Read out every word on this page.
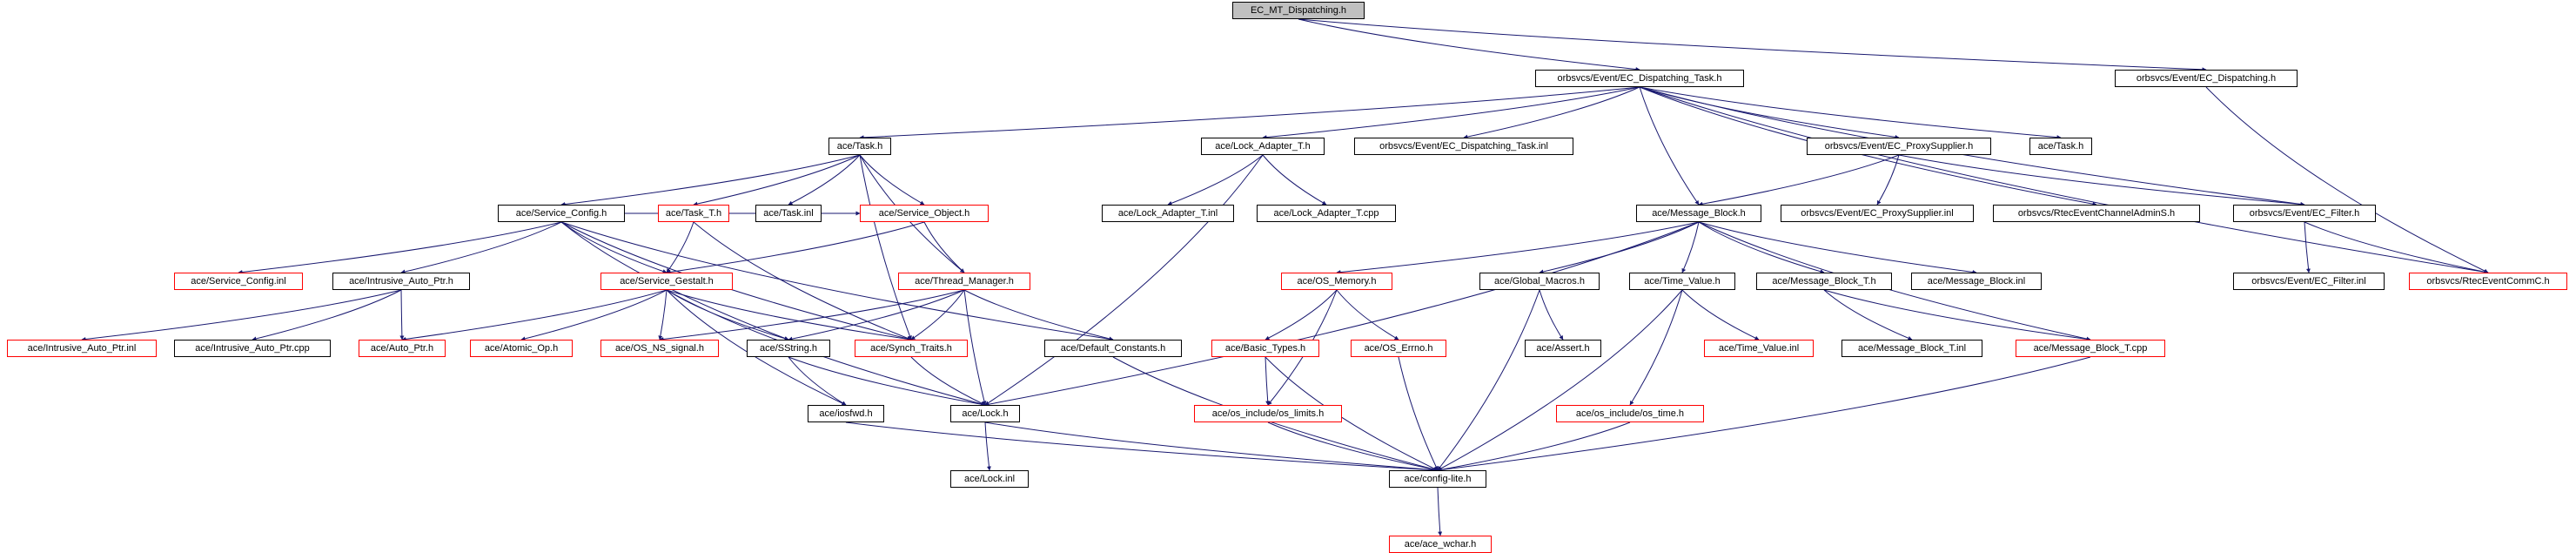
EC_MT_Dispatching.h
orbsvcs/Event/EC_Dispatching_Task.h	orbsvcs/Event/EC_Dispatching.h
ace/Task.h	ace/Lock_Adapter_T.h	orbsvcs/Event/EC_Dispatching_Task.inl	orbsvcs/Event/EC_ProxySupplier.h	ace/Task.h
ace/Service_Config.h	ace/Task_T.h	ace/Task.inl	ace/Service_Object.h	ace/Lock_Adapter_T.inl	ace/Lock_Adapter_T.cpp	ace/Message_Block.h	orbsvcs/Event/EC_ProxySupplier.inl	orbsvcs/RtecEventChannelAdminS.h	orbsvcs/Event/EC_Filter.h
ace/Service_Config.inl	ace/Intrusive_Auto_Ptr.h	ace/Service_Gestalt.h	ace/Thread_Manager.h	ace/OS_Memory.h	ace/Global_Macros.h	ace/Time_Value.h	ace/Message_Block_T.h	ace/Message_Block.inl	orbsvcs/Event/EC_Filter.inl	orbsvcs/RtecEventCommC.h
ace/Intrusive_Auto_Ptr.inl	ace/Intrusive_Auto_Ptr.cpp	ace/Auto_Ptr.h	ace/Atomic_Op.h	ace/OS_NS_signal.h	ace/SString.h	ace/Synch_Traits.h	ace/Default_Constants.h	ace/Basic_Types.h	ace/OS_Errno.h	ace/Assert.h	ace/Time_Value.inl	ace/Message_Block_T.inl	ace/Message_Block_T.cpp
ace/iosfwd.h	ace/Lock.h	ace/os_include/os_limits.h	ace/os_include/os_time.h
ace/Lock.inl	ace/config-lite.h
ace/ace_wchar.h
